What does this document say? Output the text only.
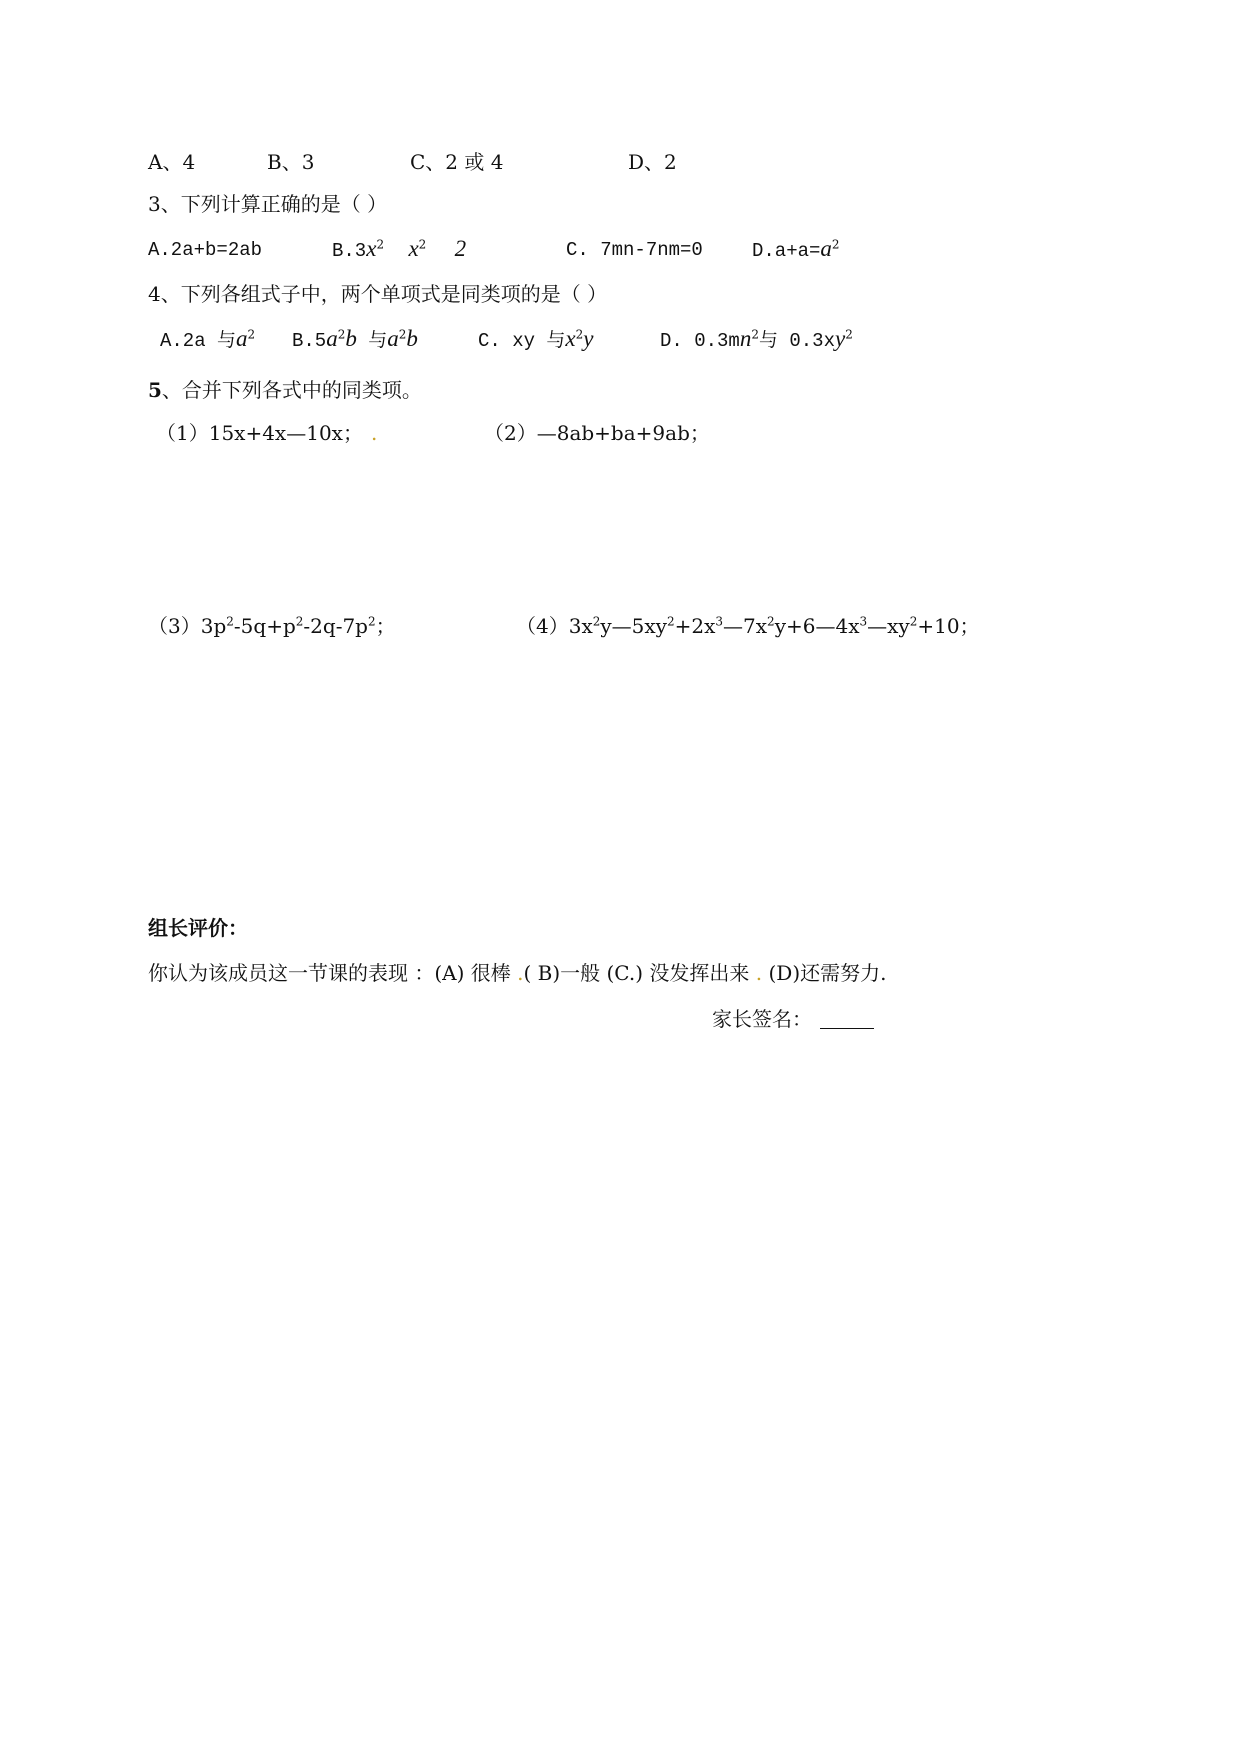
A、4	B、3	C、2 或 4	D、2
3、下列计算正确的是（ ）
A.2a+b=2ab	$B.3x^2$ $x^2$ 2	C. 7mn-7nm=0	$D.a+a=a^2$
4、下列各组式子中，两个单项式是同类项的是（ ）
A.2a 与$a^2$ $B.5a^2b$ 与$a^2b$	C. xy 与$x^2y$	D. $0.3mn^2$与 $0.3xy^2$
5、合并下列各式中的同类项。
（1）15x+4x—10x； .	（2）—8ab+ba+9ab；
$(3)3p^2-5q+p^2-2q-7p^2$；	$(4)3x^2y—5xy^2+2x^3—7x^2y+6—4x^3—xy^2+10$；
组长评价：
你认为该成员这一节课的表现 ：(A) 很棒 .( B)一般 (C.) 没发挥出来 . (D)还需努力.
家长签名：
